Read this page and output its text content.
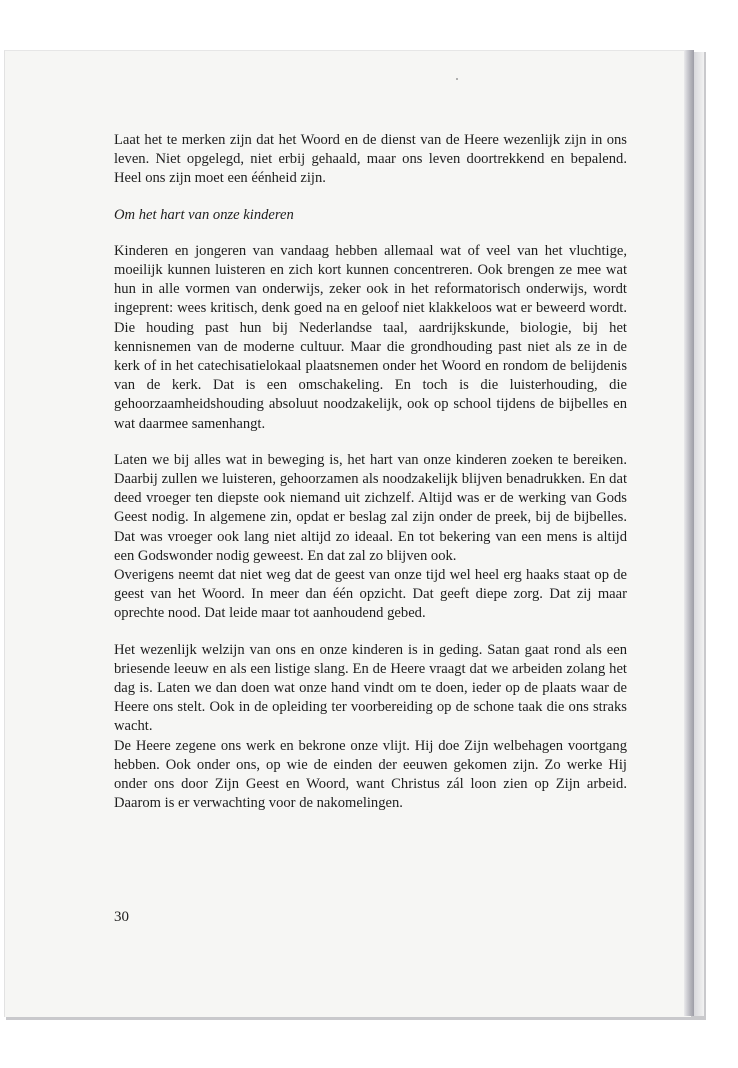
Laat het te merken zijn dat het Woord en de dienst van de Heere wezenlijk zijn in ons leven. Niet opgelegd, niet erbij gehaald, maar ons leven doortrekkend en bepalend. Heel ons zijn moet een éénheid zijn.

Om het hart van onze kinderen

Kinderen en jongeren van vandaag hebben allemaal wat of veel van het vluchtige, moeilijk kunnen luisteren en zich kort kunnen concentreren. Ook brengen ze mee wat hun in alle vormen van onderwijs, zeker ook in het reformatorisch onderwijs, wordt ingeprent: wees kritisch, denk goed na en geloof niet klakkeloos wat er beweerd wordt. Die houding past hun bij Nederlandse taal, aardrijkskunde, biologie, bij het kennisnemen van de moderne cultuur. Maar die grondhouding past niet als ze in de kerk of in het catechisatielokaal plaatsnemen onder het Woord en rondom de belijdenis van de kerk. Dat is een omschakeling. En toch is die luisterhouding, die gehoorzaamheidshouding absoluut noodzakelijk, ook op school tijdens de bijbelles en wat daarmee samenhangt.

Laten we bij alles wat in beweging is, het hart van onze kinderen zoeken te bereiken. Daarbij zullen we luisteren, gehoorzamen als noodzakelijk blijven benadrukken. En dat deed vroeger ten diepste ook niemand uit zichzelf. Altijd was er de werking van Gods Geest nodig. In algemene zin, opdat er beslag zal zijn onder de preek, bij de bijbelles. Dat was vroeger ook lang niet altijd zo ideaal. En tot bekering van een mens is altijd een Godswonder nodig geweest. En dat zal zo blijven ook.

Overigens neemt dat niet weg dat de geest van onze tijd wel heel erg haaks staat op de geest van het Woord. In meer dan één opzicht. Dat geeft diepe zorg. Dat zij maar oprechte nood. Dat leide maar tot aanhoudend gebed.

Het wezenlijk welzijn van ons en onze kinderen is in geding. Satan gaat rond als een briesende leeuw en als een listige slang. En de Heere vraagt dat we arbeiden zolang het dag is. Laten we dan doen wat onze hand vindt om te doen, ieder op de plaats waar de Heere ons stelt. Ook in de opleiding ter voorbereiding op de schone taak die ons straks wacht.

De Heere zegene ons werk en bekrone onze vlijt. Hij doe Zijn welbehagen voortgang hebben. Ook onder ons, op wie de einden der eeuwen gekomen zijn. Zo werke Hij onder ons door Zijn Geest en Woord, want Christus zál loon zien op Zijn arbeid. Daarom is er verwachting voor de nakomelingen.

30
